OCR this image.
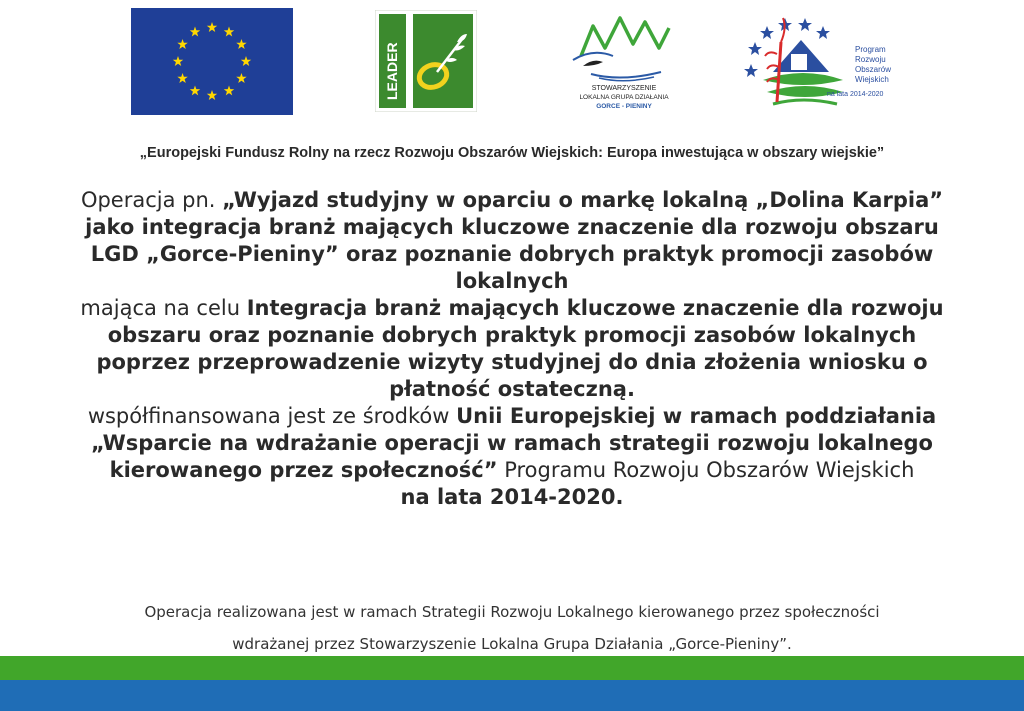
LEADER	STOWARZYSZENIE
LOKALNA GRUPA DZIAŁANIA
GORCE - PIENINY
Program
Rozwoju
Obszarów
Wiejskich
na lata 2014-2020
„Europejski Fundusz Rolny na rzecz Rozwoju Obszarów Wiejskich: Europa inwestująca w obszary wiejskie”
Operacja pn. „Wyjazd studyjny w oparciu o markę lokalną „Dolina Karpia”
jako integracja branż mających kluczowe znaczenie dla rozwoju obszaru
LGD „Gorce-Pieniny” oraz poznanie dobrych praktyk promocji zasobów
lokalnych
mająca na celu Integracja branż mających kluczowe znaczenie dla rozwoju
obszaru oraz poznanie dobrych praktyk promocji zasobów lokalnych
poprzez przeprowadzenie wizyty studyjnej do dnia złożenia wniosku o
płatność ostateczną.
współfinansowana jest ze środków Unii Europejskiej w ramach poddziałania
„Wsparcie na wdrażanie operacji w ramach strategii rozwoju lokalnego
kierowanego przez społeczność” Programu Rozwoju Obszarów Wiejskich
na lata 2014-2020.
Operacja realizowana jest w ramach Strategii Rozwoju Lokalnego kierowanego przez społeczności
wdrażanej przez Stowarzyszenie Lokalna Grupa Działania „Gorce-Pieniny”.
